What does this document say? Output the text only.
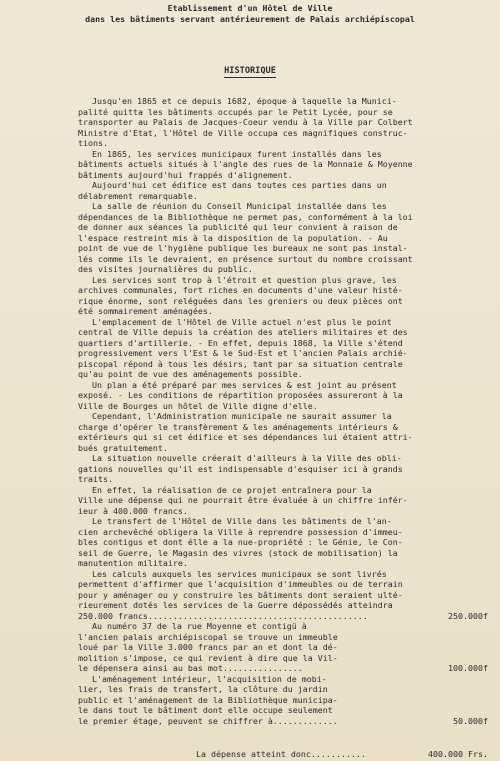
Etablissement d'un Hôtel de Ville
dans les bâtiments servant antérieurement de Palais archiépiscopal
HISTORIQUE
Jusqu'en 1865 et ce depuis 1682, époque à laquelle la Munici-
palité quitta les bâtiments occupés par le Petit Lycée, pour se
transporter au Palais de Jacques-Coeur vendu à la Ville par Colbert
Ministre d'Etat, l'Hôtel de Ville occupa ces magnifiques construc-
tions.
En 1865, les services municipaux furent installés dans les
bâtiments actuels situés à l'angle des rues de la Monnaie & Moyenne
bâtiments aujourd'hui frappés d'alignement.
Aujourd'hui cet édifice est dans toutes ces parties dans un
délabrement remarquable.
La salle de réunion du Conseil Municipal installée dans les
dépendances de la Bibliothèque ne permet pas, conformément à la loi
de donner aux séances la publicité qui leur convient à raison de
l'espace restreint mis à la disposition de la population. - Au
point de vue de l'hygiène publique les bureaux ne sont pas instal-
lés comme ils le devraient, en présence surtout du nombre croissant
des visites journalières du public.
Les services sont trop à l'étroit et question plus grave, les
archives communales, fort riches en documents d'une valeur histé-
rique énorme, sont reléguées dans les greniers ou deux pièces ont
été sommairement aménagées.
L'emplacement de l'Hôtel de Ville actuel n'est plus le point
central de Ville depuis la création des ateliers militaires et des
quartiers d'artillerie. - En effet, depuis 1868, la Ville s'étend
progressivement vers l'Est & le Sud-Est et l'ancien Palais archié-
piscopal répond à tous les désirs, tant par sa situation centrale
qu'au point de vue des aménagements possible.
Un plan a été préparé par mes services & est joint au présent
exposé. - Les conditions de répartition proposées assureront à la
Ville de Bourges un hôtel de Ville digne d'elle.
Cependant, l'Administration municipale ne saurait assumer la
charge d'opérer le transfèrement & les aménagements intérieurs &
extérieurs qui si cet édifice et ses dépendances lui étaient attri-
bués gratuitement.
La situation nouvelle créerait d'ailleurs à la Ville des obli-
gations nouvelles qu'il est indispensable d'esquiser ici à grands
traits.
En effet, la réalisation de ce projet entraînera pour la
Ville une dépense qui ne pourrait être évaluée à un chiffre infér-
ieur à 400.000 francs.
Le transfert de l'Hôtel de Ville dans les bâtiments de l'an-
cien archevêché obligera la Ville à reprendre possession d'immeu-
bles contigus et dont élle a la nue-propriété : le Génie, le Con-
seil de Guerre, le Magasin des vivres (stock de mobilisation) la
manutention militaire.
Les calculs auxquels les services municipaux se sont livrés
permettent d'affirmer que l'acquisition d'immeubles ou de terrain
pour y aménager ou y construire les bâtiments dont seraient ulté-
rieurement dotés les services de la Guerre dépossédés atteindra
250.000 francs............................................	250.000f
Au numéro 37 de la rue Moyenne et contigü à
l'ancien palais archiépiscopal se trouve un immeuble
loué par la Ville 3.000 francs par an et dont la dé-
molition s'impose, ce qui revient à dire que la Vil-
le dépensera ainsi au bas mot................	100.000f
L'aménagement intérieur, l'acquisition de mobi-
lier, les frais de transfert, la clôture du jardin
public et l'aménagement de la Bibliothèque municipa-
le dans tout le bâtiment dont elle occupe seulement
le premier étage, peuvent se chiffrer à.............	50.000f
La dépense atteint donc...........	400.000 Frs.
